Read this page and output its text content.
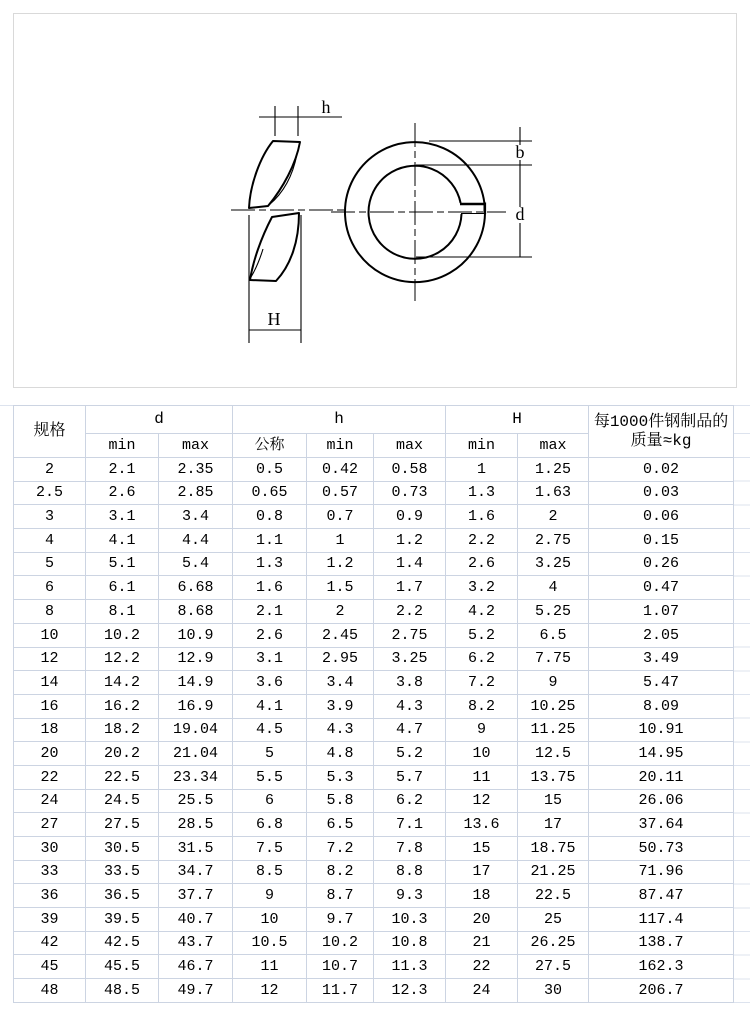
h
H
b
d
规格	d		h			H		每1000件钢制品的
质量≈kg

	min	max	公称	min	max	min	max	
2	2.1	2.35	0.5	0.42	0.58	1	1.25	0.02
2.5	2.6	2.85	0.65	0.57	0.73	1.3	1.63	0.03
3	3.1	3.4	0.8	0.7	0.9	1.6	2	0.06
4	4.1	4.4	1.1	1	1.2	2.2	2.75	0.15
5	5.1	5.4	1.3	1.2	1.4	2.6	3.25	0.26
6	6.1	6.68	1.6	1.5	1.7	3.2	4	0.47
8	8.1	8.68	2.1	2	2.2	4.2	5.25	1.07
10	10.2	10.9	2.6	2.45	2.75	5.2	6.5	2.05
12	12.2	12.9	3.1	2.95	3.25	6.2	7.75	3.49
14	14.2	14.9	3.6	3.4	3.8	7.2	9	5.47
16	16.2	16.9	4.1	3.9	4.3	8.2	10.25	8.09
18	18.2	19.04	4.5	4.3	4.7	9	11.25	10.91
20	20.2	21.04	5	4.8	5.2	10	12.5	14.95
22	22.5	23.34	5.5	5.3	5.7	11	13.75	20.11
24	24.5	25.5	6	5.8	6.2	12	15	26.06
27	27.5	28.5	6.8	6.5	7.1	13.6	17	37.64
30	30.5	31.5	7.5	7.2	7.8	15	18.75	50.73
33	33.5	34.7	8.5	8.2	8.8	17	21.25	71.96
36	36.5	37.7	9	8.7	9.3	18	22.5	87.47
39	39.5	40.7	10	9.7	10.3	20	25	117.4
42	42.5	43.7	10.5	10.2	10.8	21	26.25	138.7
45	45.5	46.7	11	10.7	11.3	22	27.5	162.3
48	48.5	49.7	12	11.7	12.3	24	30	206.7
